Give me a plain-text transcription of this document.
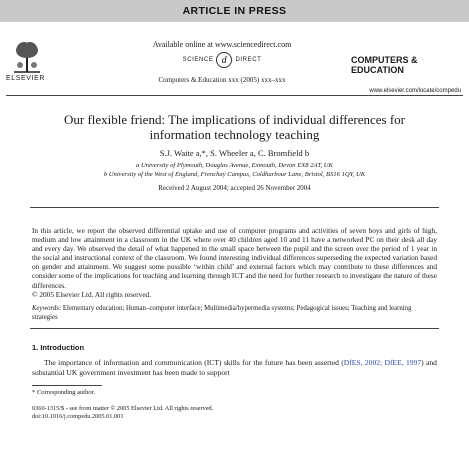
ARTICLE IN PRESS
ELSEVIER
Available online at www.sciencedirect.com
SCIENCE d	DIRECT
Computers & Education xxx (2005) xxx–xxx
COMPUTERS & EDUCATION
www.elsevier.com/locate/compedu
Our flexible friend: The implications of individual differences for information technology teaching
S.J. Waite a,*, S. Wheeler a, C. Bromfield b
a University of Plymouth, Douglas Avenue, Exmouth, Devon EX8 2AT, UK
b University of the West of England, Frenchay Campus, Coldharbour Lane, Bristol, BS16 1QY, UK
Received 2 August 2004; accepted 26 November 2004
In this article, we report the observed differential uptake and use of computer programs and activities of seven boys and girls of high, medium and low attainment in a classroom in the UK where over 40 children aged 10 and 11 have a networked PC on their desk all day and every day. We observed the detail of what happened in the small space between the pupil and the screen over the period of 1 year in the social and instructional context of the classroom. We found interesting individual differences superseding the expected variation based on gender and attainment. We suggest some possible ‘within child’ and external factors which may contribute to these differences and consider some of the implications for teaching and learning through ICT and the need for further research to investigate the nature of these differences.
© 2005 Elsevier Ltd. All rights reserved.
Keywords: Elementary education; Human–computer interface; Multimedia/hypermedia systems; Pedagogical issues; Teaching and learning strategies
1. Introduction
The importance of information and communication (ICT) skills for the future has been asserted (DfES, 2002; DfEE, 1997) and substantial UK government investment has been made to support
* Corresponding author.
0360-1315/$ - see front matter © 2005 Elsevier Ltd. All rights reserved.
doi:10.1016/j.compedu.2005.01.001
